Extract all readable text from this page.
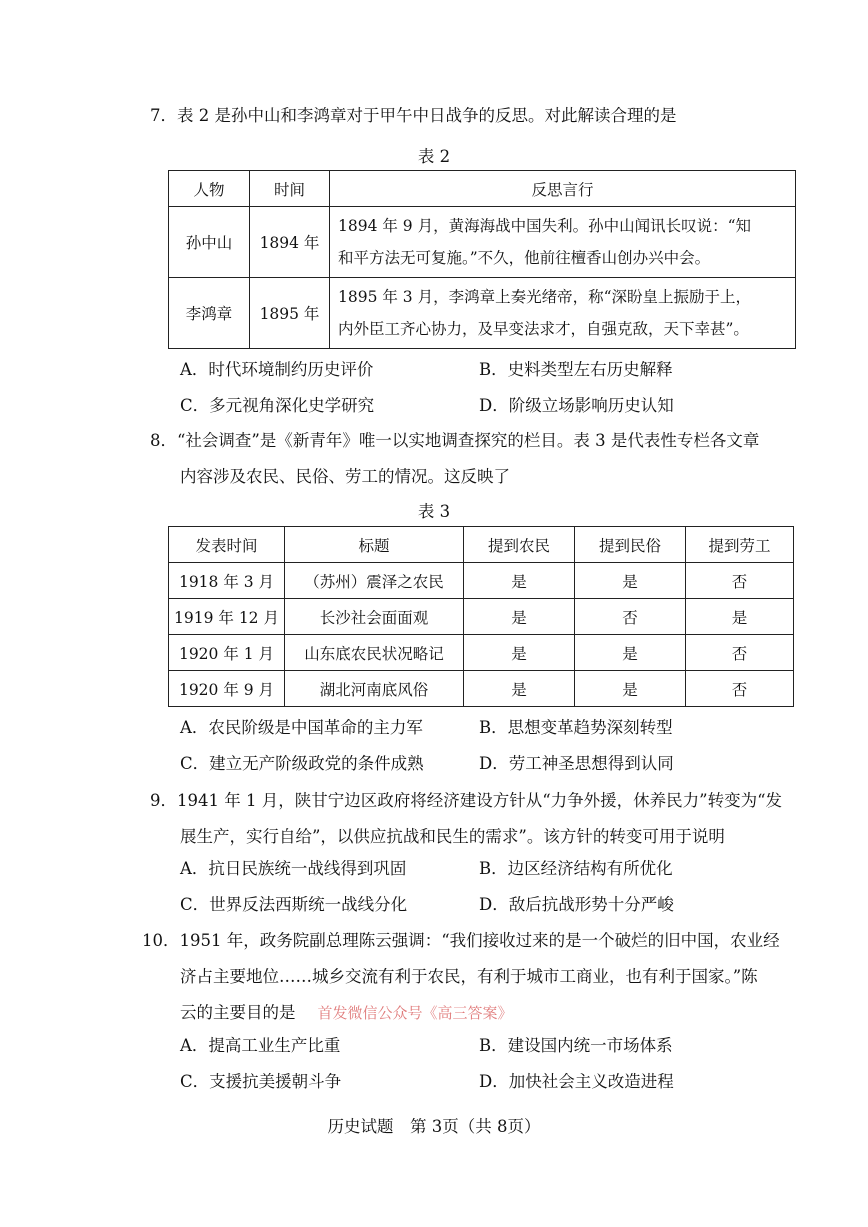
7．表 2 是孙中山和李鸿章对于甲午中日战争的反思。对此解读合理的是
表 2
人物	时间	反思言行
孙中山	1894 年	1894 年 9 月，黄海海战中国失利。孙中山闻讯长叹说：“知
和平方法无可复施。”不久，他前往檀香山创办兴中会。

李鸿章	1895 年	1895 年 3 月，李鸿章上奏光绪帝，称“深盼皇上振励于上，
内外臣工齐心协力，及早变法求才，自强克敌，天下幸甚”。
A．时代环境制约历史评价	B．史料类型左右历史解释
C．多元视角深化史学研究	D．阶级立场影响历史认知
8．“社会调查”是《新青年》唯一以实地调查探究的栏目。表 3 是代表性专栏各文章
内容涉及农民、民俗、劳工的情况。这反映了
表 3
发表时间	标题	提到农民	提到民俗	提到劳工
1918 年 3 月	（苏州）震泽之农民	是	是	否
1919 年 12 月	长沙社会面面观	是	否	是
1920 年 1 月	山东底农民状况略记	是	是	否
1920 年 9 月	湖北河南底风俗	是	是	否
A．农民阶级是中国革命的主力军	B．思想变革趋势深刻转型
C．建立无产阶级政党的条件成熟	D．劳工神圣思想得到认同
9．1941 年 1 月，陕甘宁边区政府将经济建设方针从“力争外援，休养民力”转变为“发
展生产，实行自给”，以供应抗战和民生的需求”。该方针的转变可用于说明
A．抗日民族统一战线得到巩固	B．边区经济结构有所优化
C．世界反法西斯统一战线分化	D．敌后抗战形势十分严峻
10．1951 年，政务院副总理陈云强调：“我们接收过来的是一个破烂的旧中国，农业经
济占主要地位……城乡交流有利于农民，有利于城市工商业，也有利于国家。”陈
云的主要目的是 首发微信公众号《高三答案》
A．提高工业生产比重	B．建设国内统一市场体系
C．支援抗美援朝斗争	D．加快社会主义改造进程
历史试题　第 3页（共 8页）
